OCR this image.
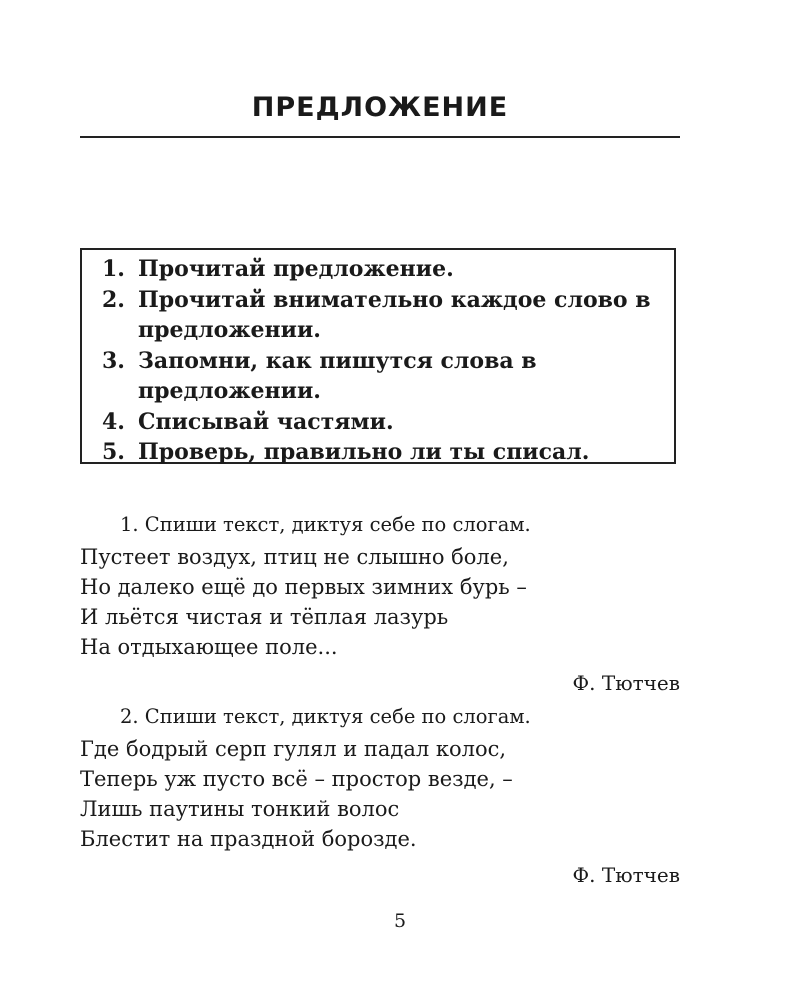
ПРЕДЛОЖЕНИЕ
1. Прочитай предложение.
2. Прочитай внимательно каждое слово в предложении.
3. Запомни, как пишутся слова в предложении.
4. Списывай частями.
5. Проверь, правильно ли ты списал.
1. Спиши текст, диктуя себе по слогам.
Пустеет воздух, птиц не слышно боле,
Но далеко ещё до первых зимних бурь –
И льётся чистая и тёплая лазурь
На отдыхающее поле...
Ф. Тютчев
2. Спиши текст, диктуя себе по слогам.
Где бодрый серп гулял и падал колос,
Теперь уж пусто всё – простор везде, –
Лишь паутины тонкий волос
Блестит на праздной борозде.
Ф. Тютчев
5
